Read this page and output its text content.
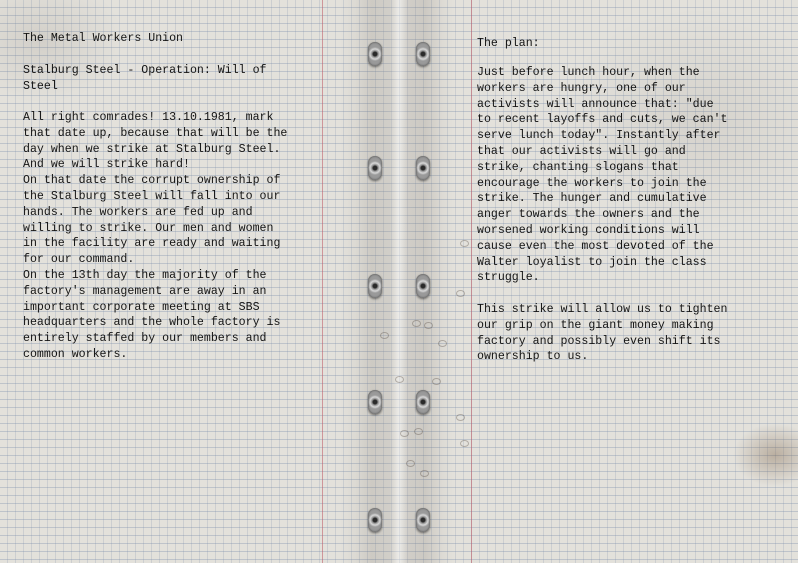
The Metal Workers Union

Stalburg Steel - Operation: Will of
Steel

All right comrades! 13.10.1981, mark
that date up, because that will be the
day when we strike at Stalburg Steel.
And we will strike hard!
On that date the corrupt ownership of
the Stalburg Steel will fall into our
hands. The workers are fed up and
willing to strike. Our men and women
in the facility are ready and waiting
for our command.
On the 13th day the majority of the
factory's management are away in an
important corporate meeting at SBS
headquarters and the whole factory is
entirely staffed by our members and
common workers.

The plan:

Just before lunch hour, when the
workers are hungry, one of our
activists will announce that: "due
to recent layoffs and cuts, we can't
serve lunch today". Instantly after
that our activists will go and
strike, chanting slogans that
encourage the workers to join the
strike. The hunger and cumulative
anger towards the owners and the
worsened working conditions will
cause even the most devoted of the
Walter loyalist to join the class
struggle.

This strike will allow us to tighten
our grip on the giant money making
factory and possibly even shift its
ownership to us.
